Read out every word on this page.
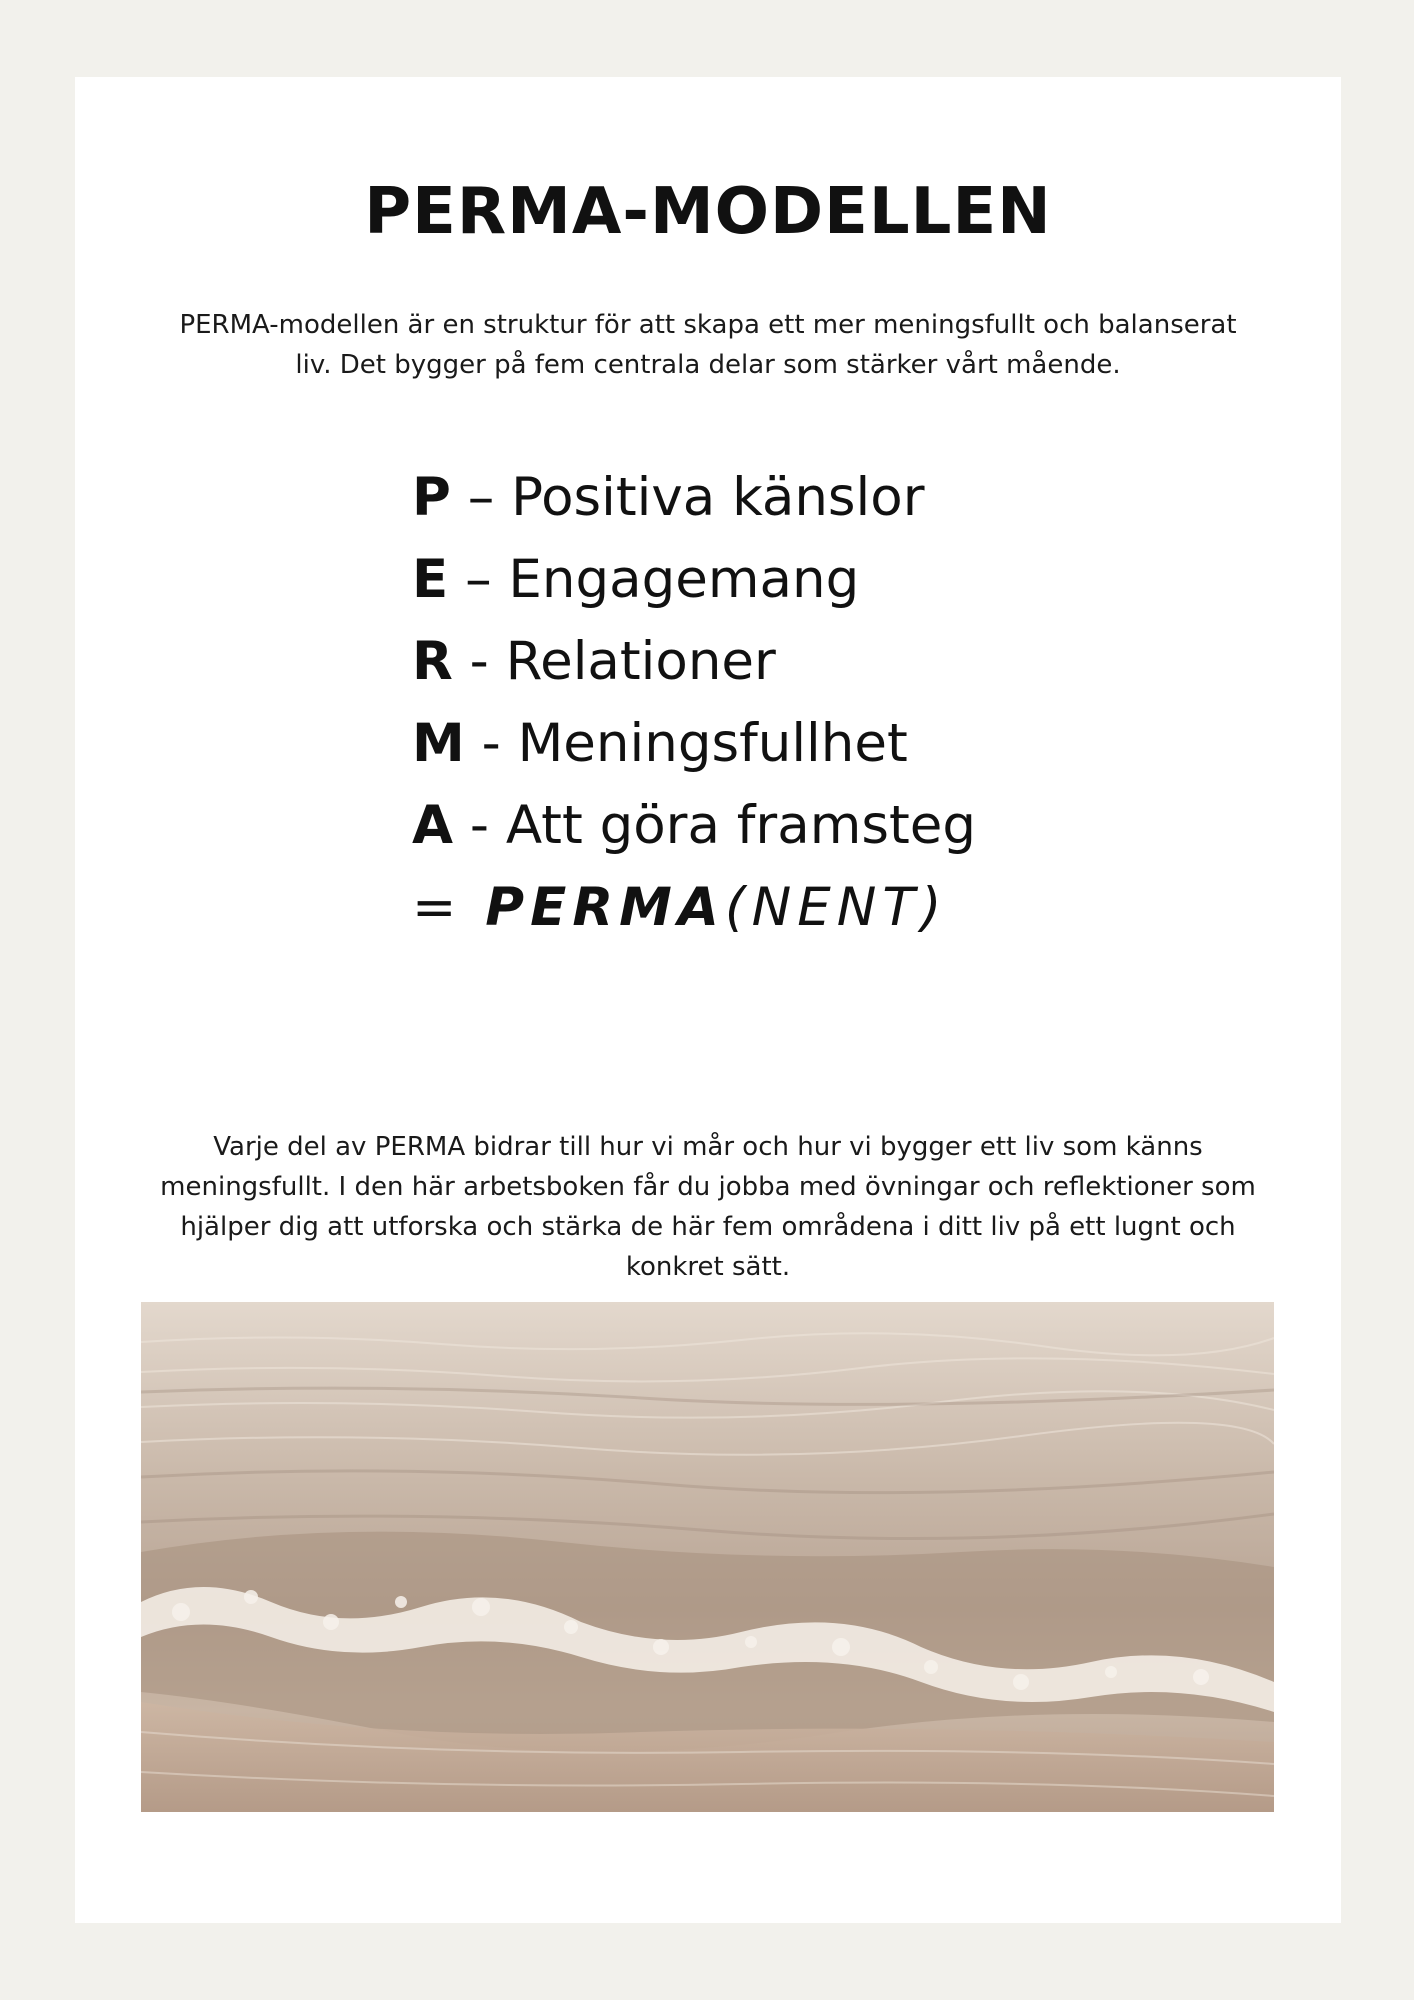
PERMA-MODELLEN

PERMA-modellen är en struktur för att skapa ett mer meningsfullt och balanserat liv. Det bygger på fem centrala delar som stärker vårt mående.

P – Positiva känslor
E – Engagemang
R - Relationer
M - Meningsfullhet
A - Att göra framsteg
= PERMA(NENT)

Varje del av PERMA bidrar till hur vi mår och hur vi bygger ett liv som känns meningsfullt. I den här arbetsboken får du jobba med övningar och reflektioner som hjälper dig att utforska och stärka de här fem områdena i ditt liv på ett lugnt och konkret sätt.
